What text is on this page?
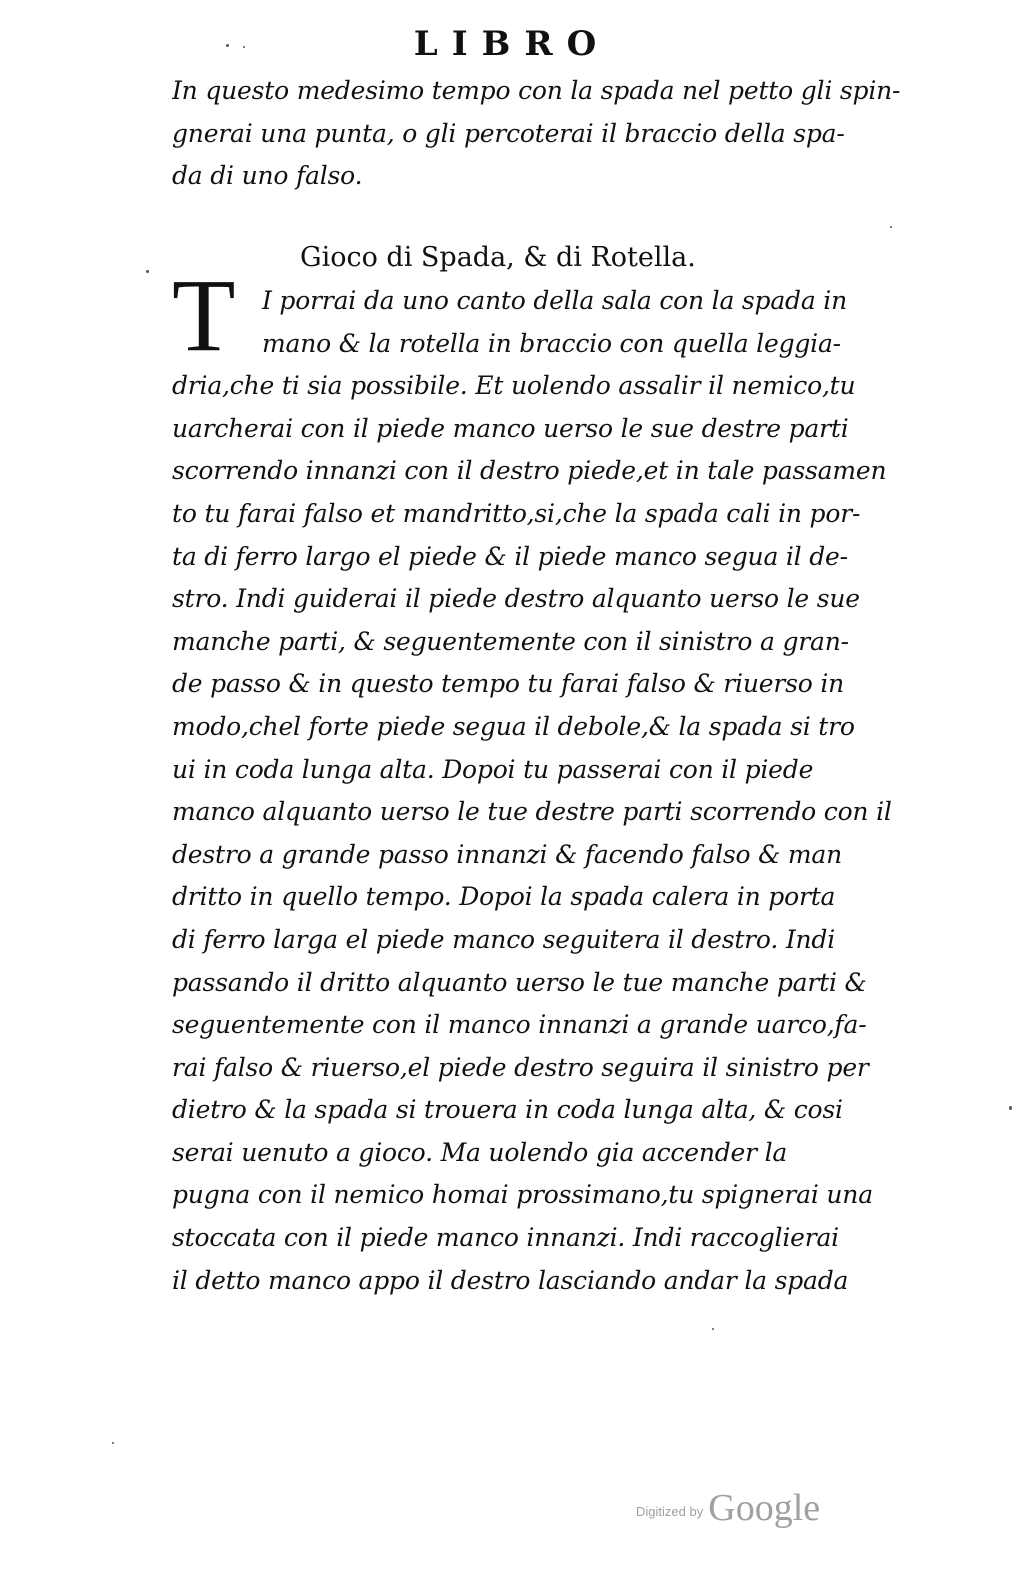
LIBRO
In questo medesimo tempo con la spada nel petto gli spin-
gnerai una punta, o gli percoterai il braccio della spa-
da di uno falso.
Gioco di Spada, & di Rotella.
T	I porrai da uno canto della sala con la spada in
mano & la rotella in braccio con quella leggia-
dria,che ti sia possibile. Et uolendo assalir il nemico,tu
uarcherai con il piede manco uerso le sue destre parti
scorrendo innanzi con il destro piede,et in tale passamen
to tu farai falso et mandritto,si,che la spada cali in por-
ta di ferro largo el piede & il piede manco segua il de-
stro. Indi guiderai il piede destro alquanto uerso le sue
manche parti, & seguentemente con il sinistro a gran-
de passo & in questo tempo tu farai falso & riuerso in
modo,chel forte piede segua il debole,& la spada si tro
ui in coda lunga alta. Dopoi tu passerai con il piede
manco alquanto uerso le tue destre parti scorrendo con il
destro a grande passo innanzi & facendo falso & man
dritto in quello tempo. Dopoi la spada calera in porta
di ferro larga el piede manco seguitera il destro. Indi
passando il dritto alquanto uerso le tue manche parti &
seguentemente con il manco innanzi a grande uarco,fa-
rai falso & riuerso,el piede destro seguira il sinistro per
dietro & la spada si trouera in coda lunga alta, & cosi
serai uenuto a gioco. Ma uolendo gia accender la
pugna con il nemico homai prossimano,tu spignerai una
stoccata con il piede manco innanzi. Indi raccoglierai
il detto manco appo il destro lasciando andar la spada
$^{Digitized by}$ Google
